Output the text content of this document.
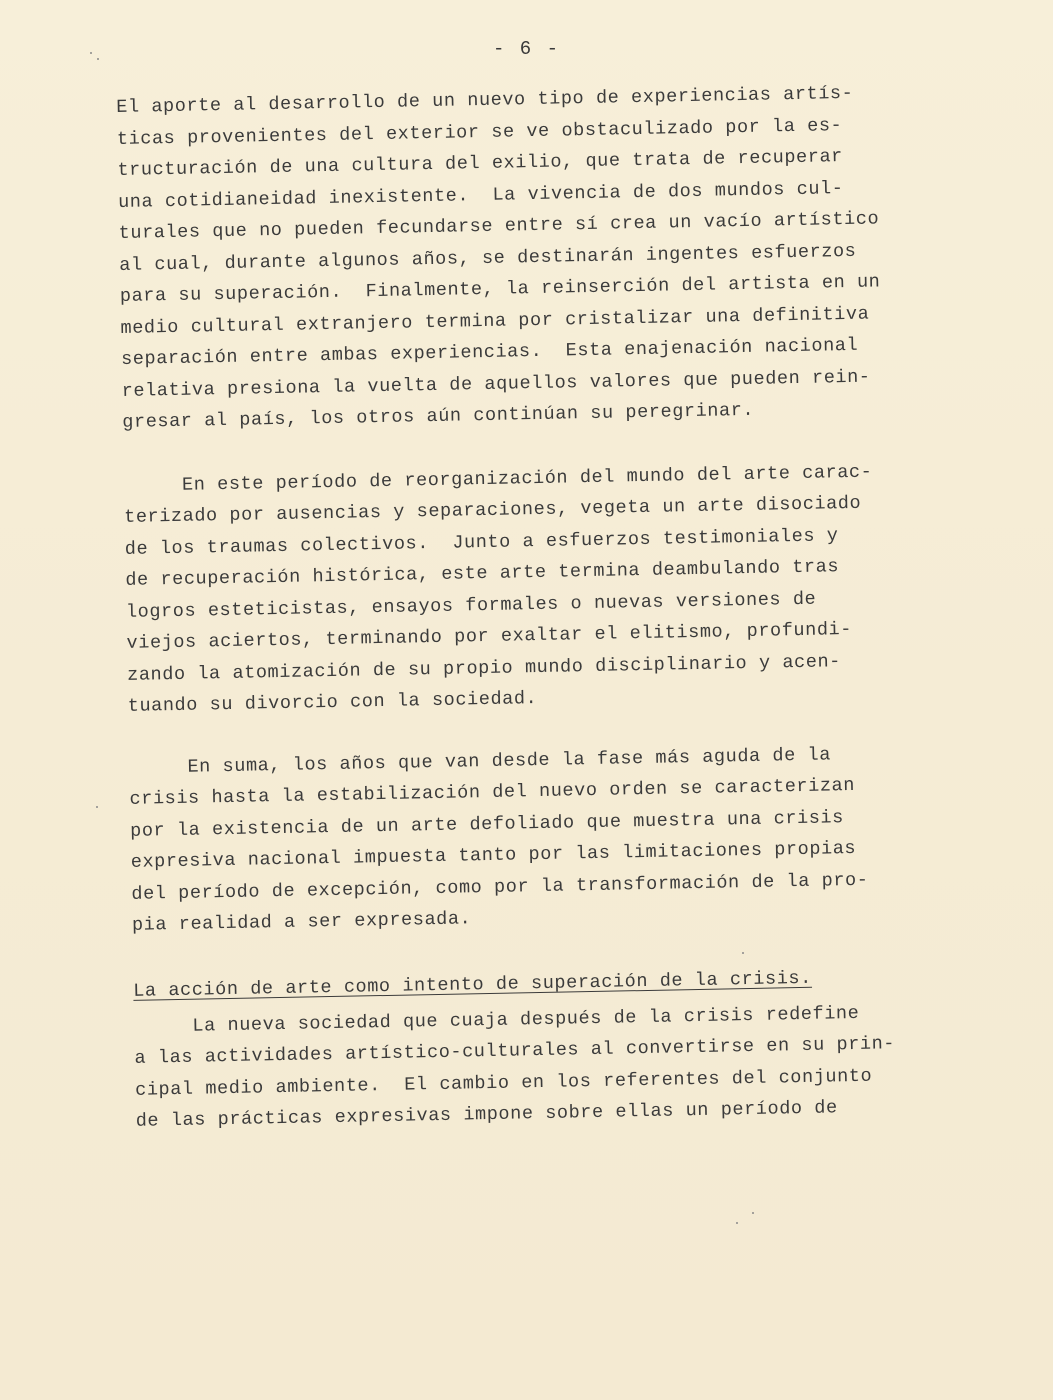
- 6 -
El aporte al desarrollo de un nuevo tipo de experiencias artís-
ticas provenientes del exterior se ve obstaculizado por la es-
tructuración de una cultura del exilio, que trata de recuperar
una cotidianeidad inexistente.  La vivencia de dos mundos cul-
turales que no pueden fecundarse entre sí crea un vacío artístico
al cual, durante algunos años, se destinarán ingentes esfuerzos
para su superación.  Finalmente, la reinserción del artista en un
medio cultural extranjero termina por cristalizar una definitiva
separación entre ambas experiencias.  Esta enajenación nacional
relativa presiona la vuelta de aquellos valores que pueden rein-
gresar al país, los otros aún continúan su peregrinar.
En este período de reorganización del mundo del arte carac-
terizado por ausencias y separaciones, vegeta un arte disociado
de los traumas colectivos.  Junto a esfuerzos testimoniales y
de recuperación histórica, este arte termina deambulando tras
logros esteticistas, ensayos formales o nuevas versiones de
viejos aciertos, terminando por exaltar el elitismo, profundi-
zando la atomización de su propio mundo disciplinario y acen-
tuando su divorcio con la sociedad.
En suma, los años que van desde la fase más aguda de la
crisis hasta la estabilización del nuevo orden se caracterizan
por la existencia de un arte defoliado que muestra una crisis
expresiva nacional impuesta tanto por las limitaciones propias
del período de excepción, como por la transformación de la pro-
pia realidad a ser expresada.
La acción de arte como intento de superación de la crisis.
La nueva sociedad que cuaja después de la crisis redefine
a las actividades artístico-culturales al convertirse en su prin-
cipal medio ambiente.  El cambio en los referentes del conjunto
de las prácticas expresivas impone sobre ellas un período de
